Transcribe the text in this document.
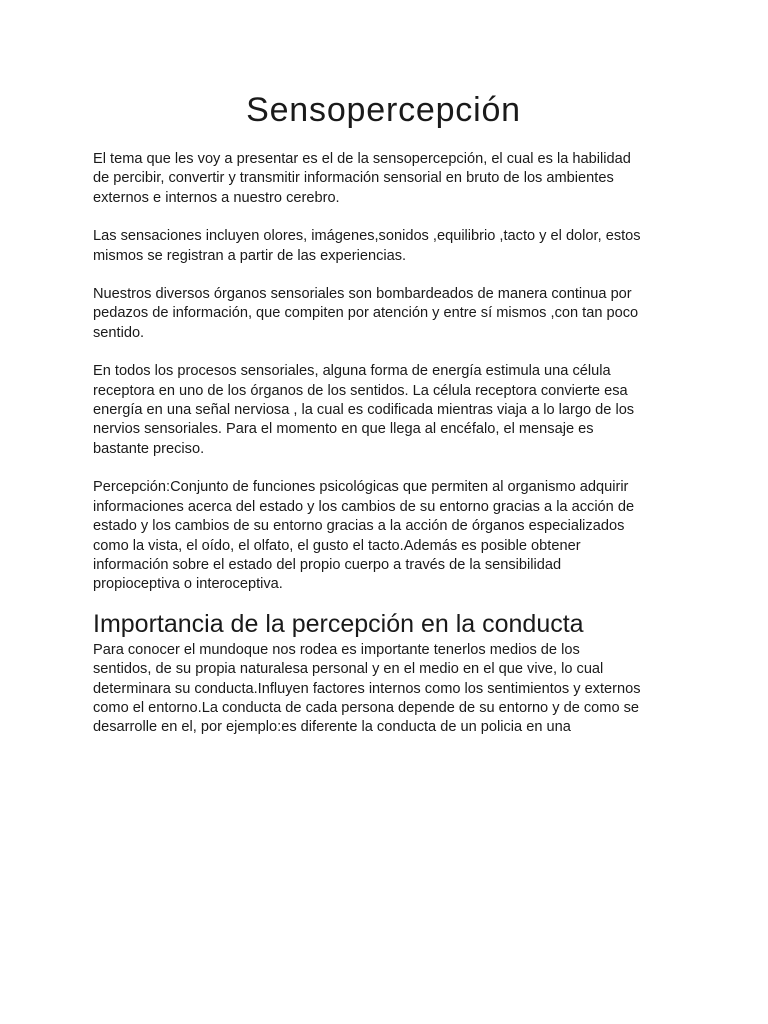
Sensopercepción

El tema que les voy a presentar es el de la sensopercepción, el cual es la habilidad
de percibir, convertir y transmitir información sensorial en bruto de los ambientes
externos e internos a nuestro cerebro.

Las sensaciones incluyen olores, imágenes,sonidos ,equilibrio ,tacto y el dolor, estos
mismos se registran a partir de las experiencias.

Nuestros diversos órganos sensoriales son bombardeados de manera continua por
pedazos de información, que compiten por atención y entre sí mismos ,con tan poco
sentido.

En todos los procesos sensoriales, alguna forma de energía estimula una célula
receptora en uno de los órganos de los sentidos. La célula receptora convierte esa
energía en una señal nerviosa , la cual es codificada mientras viaja a lo largo de los
nervios sensoriales. Para el momento en que llega al encéfalo, el mensaje es
bastante preciso.

Percepción:Conjunto de funciones psicológicas que permiten al organismo adquirir
informaciones acerca del estado y los cambios de su entorno gracias a la acción de
estado y los cambios de su entorno gracias a la acción de órganos especializados
como la vista, el oído, el olfato, el gusto el tacto.Además es posible obtener
información sobre el estado del propio cuerpo a través de la sensibilidad
propioceptiva o interoceptiva.

Importancia de la percepción en la conducta

Para conocer el mundoque nos rodea es importante tenerlos medios de los
sentidos, de su propia naturalesa personal y en el medio en el que vive, lo cual
determinara su conducta.Influyen factores internos como los sentimientos y externos
como el entorno.La conducta de cada persona depende de su entorno y de como se
desarrolle en el, por ejemplo:es diferente la conducta de un policia en una
